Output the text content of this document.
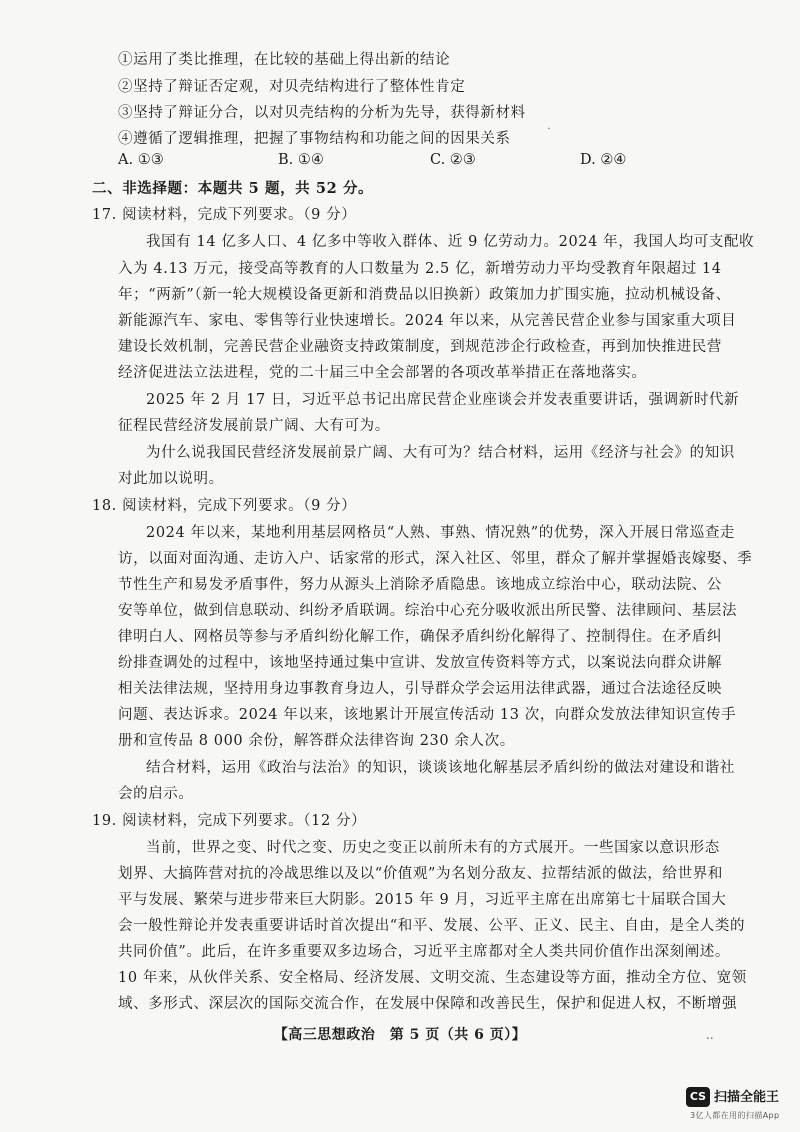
①运用了类比推理，在比较的基础上得出新的结论
②坚持了辩证否定观，对贝壳结构进行了整体性肯定
③坚持了辩证分合，以对贝壳结构的分析为先导，获得新材料
④遵循了逻辑推理，把握了事物结构和功能之间的因果关系	˙
A. ①③	B. ①④	C. ②③	D. ②④
二、非选择题：本题共 5 题，共 52 分。
17. 阅读材料，完成下列要求。（9 分）
我国有 14 亿多人口、4 亿多中等收入群体、近 9 亿劳动力。2024 年，我国人均可支配收
入为 4.13 万元，接受高等教育的人口数量为 2.5 亿，新增劳动力平均受教育年限超过 14
年；“两新”（新一轮大规模设备更新和消费品以旧换新）政策加力扩围实施，拉动机械设备、
新能源汽车、家电、零售等行业快速增长。2024 年以来，从完善民营企业参与国家重大项目
建设长效机制，完善民营企业融资支持政策制度，到规范涉企行政检查，再到加快推进民营
经济促进法立法进程，党的二十届三中全会部署的各项改革举措正在落地落实。
2025 年 2 月 17 日，习近平总书记出席民营企业座谈会并发表重要讲话，强调新时代新
征程民营经济发展前景广阔、大有可为。
为什么说我国民营经济发展前景广阔、大有可为？结合材料，运用《经济与社会》的知识
对此加以说明。
18. 阅读材料，完成下列要求。（9 分）
2024 年以来，某地利用基层网格员“人熟、事熟、情况熟”的优势，深入开展日常巡查走
访，以面对面沟通、走访入户、话家常的形式，深入社区、邻里，群众了解并掌握婚丧嫁娶、季
节性生产和易发矛盾事件，努力从源头上消除矛盾隐患。该地成立综治中心，联动法院、公
安等单位，做到信息联动、纠纷矛盾联调。综治中心充分吸收派出所民警、法律顾问、基层法
律明白人、网格员等参与矛盾纠纷化解工作，确保矛盾纠纷化解得了、控制得住。在矛盾纠
纷排查调处的过程中，该地坚持通过集中宣讲、发放宣传资料等方式，以案说法向群众讲解
相关法律法规，坚持用身边事教育身边人，引导群众学会运用法律武器，通过合法途径反映
问题、表达诉求。2024 年以来，该地累计开展宣传活动 13 次，向群众发放法律知识宣传手
册和宣传品 8 000 余份，解答群众法律咨询 230 余人次。
结合材料，运用《政治与法治》的知识，谈谈该地化解基层矛盾纠纷的做法对建设和谐社
会的启示。
19. 阅读材料，完成下列要求。（12 分）
当前，世界之变、时代之变、历史之变正以前所未有的方式展开。一些国家以意识形态
划界、大搞阵营对抗的冷战思维以及以“价值观”为名划分敌友、拉帮结派的做法，给世界和
平与发展、繁荣与进步带来巨大阴影。2015 年 9 月，习近平主席在出席第七十届联合国大
会一般性辩论并发表重要讲话时首次提出“和平、发展、公平、正义、民主、自由，是全人类的
共同价值”。此后，在许多重要双多边场合，习近平主席都对全人类共同价值作出深刻阐述。
10 年来，从伙伴关系、安全格局、经济发展、文明交流、生态建设等方面，推动全方位、宽领
【高三思想政治　第 5 页（共 6 页）】	..
CS 扫描全能王
3亿人都在用的扫描App
域、多形式、深层次的国际交流合作，在发展中保障和改善民生，保护和促进人权，不断增强
